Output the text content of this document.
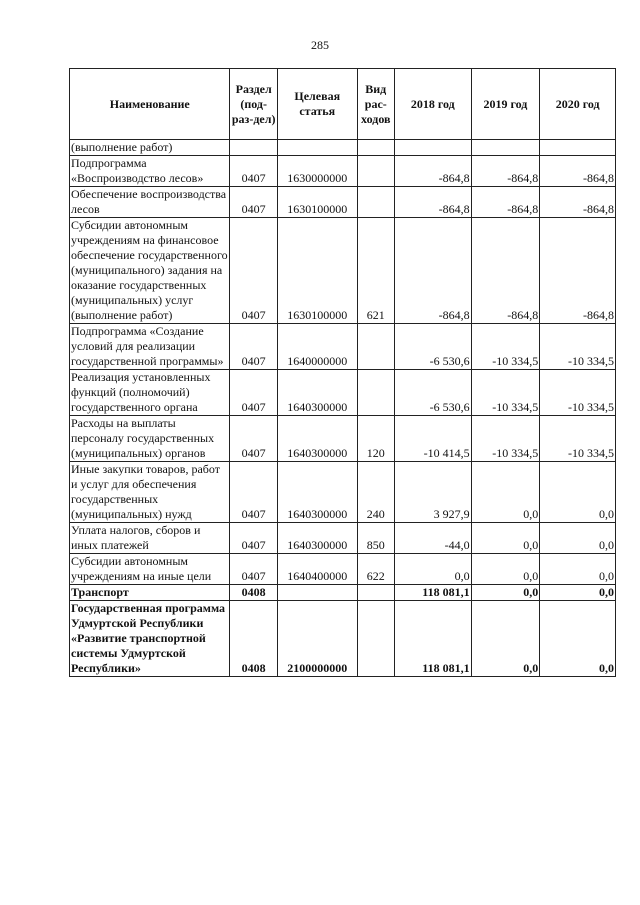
285
Наименование	Раздел (под-раз-дел)	Целевая статья	Вид рас-ходов	2018 год	2019 год	2020 год
(выполнение работ)						
Подпрограмма «Воспроизводство лесов»	0407	1630000000		-864,8	-864,8	-864,8
Обеспечение воспроизводства лесов	0407	1630100000		-864,8	-864,8	-864,8
Субсидии автономным учреждениям на финансовое обеспечение государственного (муниципального) задания на оказание государственных (муниципальных) услуг (выполнение работ)	0407	1630100000	621	-864,8	-864,8	-864,8
Подпрограмма «Создание условий для реализации государственной программы»	0407	1640000000		-6 530,6	-10 334,5	-10 334,5
Реализация установленных функций (полномочий) государственного органа	0407	1640300000		-6 530,6	-10 334,5	-10 334,5
Расходы на выплаты персоналу государственных (муниципальных) органов	0407	1640300000	120	-10 414,5	-10 334,5	-10 334,5
Иные закупки товаров, работ и услуг для обеспечения государственных (муниципальных) нужд	0407	1640300000	240	3 927,9	0,0	0,0
Уплата налогов, сборов и иных платежей	0407	1640300000	850	-44,0	0,0	0,0
Субсидии автономным учреждениям на иные цели	0407	1640400000	622	0,0	0,0	0,0
Транспорт	0408			118 081,1	0,0	0,0
Государственная программа Удмуртской Республики «Развитие транспортной системы Удмуртской Республики»	0408	2100000000		118 081,1	0,0	0,0
